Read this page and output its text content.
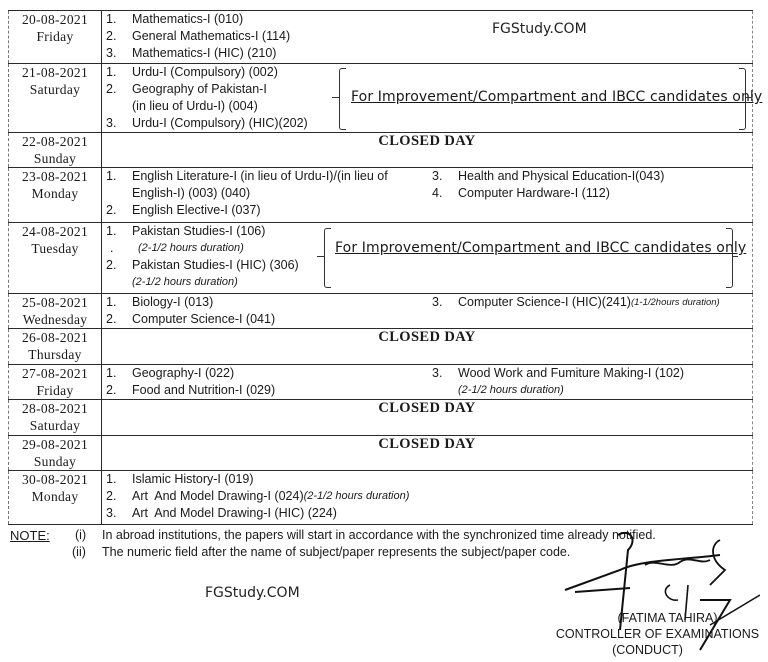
20-08-2021
Friday

1.	Mathematics-I (010)
2.	General Mathematics-I (114)
3.	Mathematics-I (HIC) (210)
FGStudy.COM

21-08-2021
Saturday

1.	Urdu-I (Compulsory) (002)
2.	Geography of Pakistan-I
(in lieu of Urdu-I) (004)
3.	Urdu-I (Compulsory) (HIC)(202)
For Improvement/Compartment and IBCC candidates only

22-08-2021
Sunday	CLOSED DAY

23-08-2021
Monday

1.	English Literature-I (in lieu of Urdu-I)/(in lieu of
English-I) (003) (040)
2.	English Elective-I (037)
3.	Health and Physical Education-I(043)
4.	Computer Hardware-I (112)

24-08-2021
Tuesday

1.	Pakistan Studies-I (106)
.	(2-1/2 hours duration)
2.	Pakistan Studies-I (HIC) (306)
(2-1/2 hours duration)
For Improvement/Compartment and IBCC candidates only

25-08-2021
Wednesday

1.	Biology-I (013)
2.	Computer Science-I (041)
3.	Computer Science-I (HIC)(241) (1-1/2hours duration)

26-08-2021
Thursday	CLOSED DAY

27-08-2021
Friday

1.	Geography-I (022)
2.	Food and Nutrition-I (029)
3.	Wood Work and Fumiture Making-I (102)
(2-1/2 hours duration)

28-08-2021
Saturday	CLOSED DAY

29-08-2021
Sunday	CLOSED DAY

30-08-2021
Monday

1.	Islamic History-I (019)
2.	Art  And Model Drawing-I (024) (2-1/2 hours duration)
3.	Art  And Model Drawing-I (HIC) (224)
NOTE: (i) In abroad institutions, the papers will start in accordance with the synchronized time already notified.
(ii) The numeric field after the name of subject/paper represents the subject/paper code.
FGStudy.COM
(FATIMA TAHIRA)
CONTROLLER OF EXAMINATIONS
(CONDUCT)
